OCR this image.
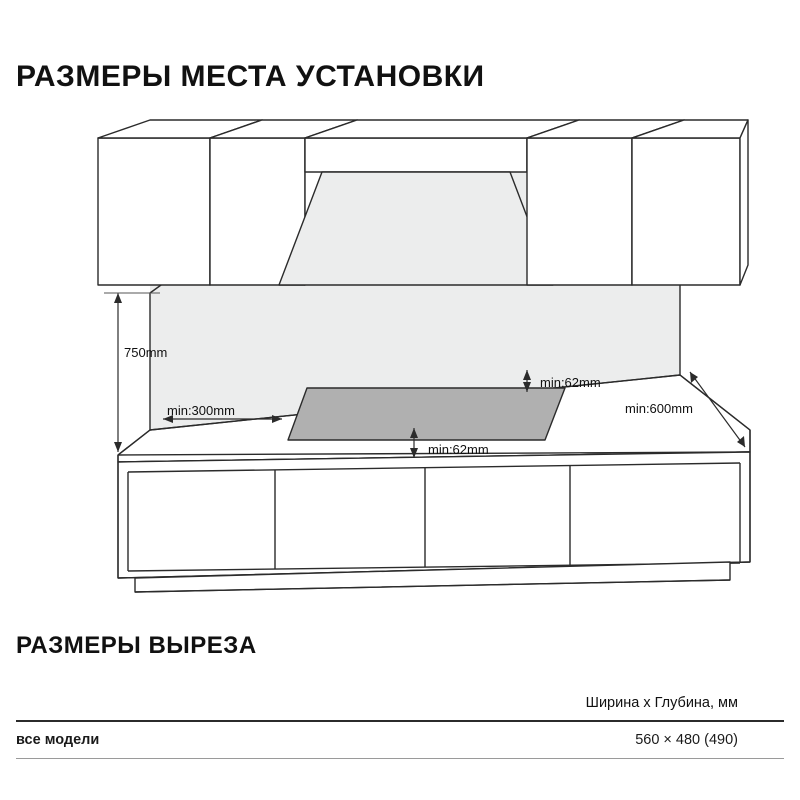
РАЗМЕРЫ МЕСТА УСТАНОВКИ
750mm
min:300mm
min:62mm
min:62mm
min:600mm
РАЗМЕРЫ ВЫРЕЗА
Ширина x Глубина, мм
все модели	560 × 480 (490)
